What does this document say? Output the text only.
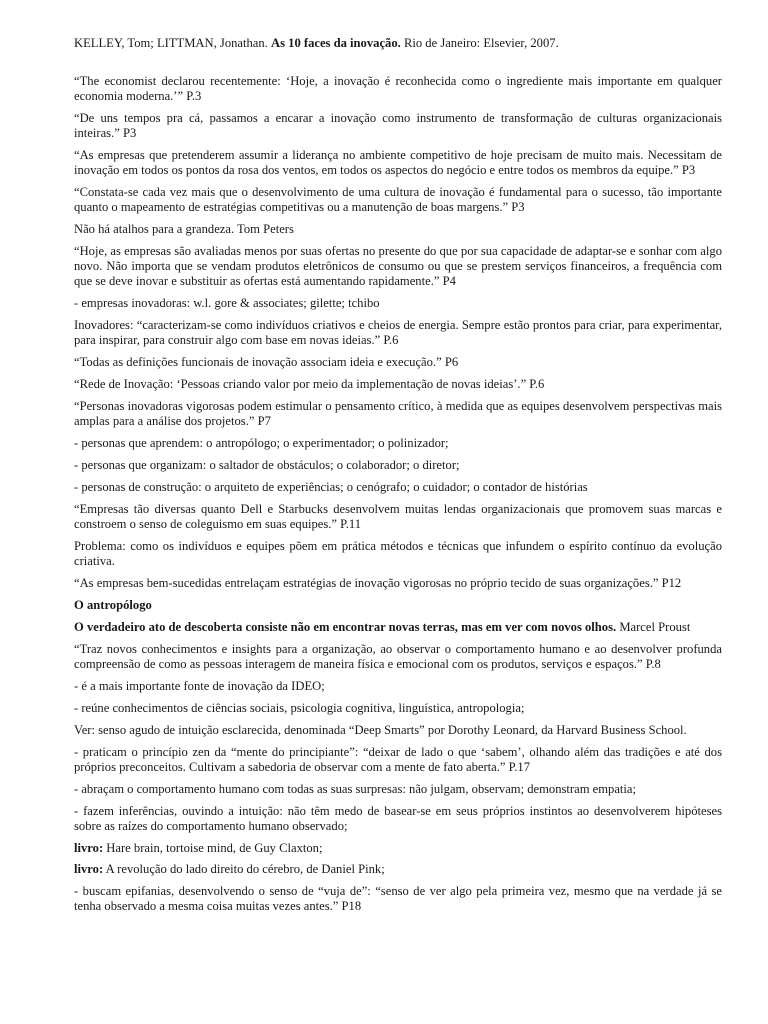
KELLEY, Tom; LITTMAN, Jonathan. As 10 faces da inovação. Rio de Janeiro: Elsevier, 2007.

“The economist declarou recentemente: ‘Hoje, a inovação é reconhecida como o ingrediente mais importante em qualquer economia moderna.’” P.3

“De uns tempos pra cá, passamos a encarar a inovação como instrumento de transformação de culturas organizacionais inteiras.” P3

“As empresas que pretenderem assumir a liderança no ambiente competitivo de hoje precisam de muito mais. Necessitam de inovação em todos os pontos da rosa dos ventos, em todos os aspectos do negócio e entre todos os membros da equipe.” P3

“Constata-se cada vez mais que o desenvolvimento de uma cultura de inovação é fundamental para o sucesso, tão importante quanto o mapeamento de estratégias competitivas ou a manutenção de boas margens.” P3

Não há atalhos para a grandeza. Tom Peters

“Hoje, as empresas são avaliadas menos por suas ofertas no presente do que por sua capacidade de adaptar-se e sonhar com algo novo. Não importa que se vendam produtos eletrônicos de consumo ou que se prestem serviços financeiros, a frequência com que se deve inovar e substituir as ofertas está aumentando rapidamente.” P4

- empresas inovadoras: w.l. gore & associates; gilette; tchibo

Inovadores: “caracterizam-se como indivíduos criativos e cheios de energia. Sempre estão prontos para criar, para experimentar, para inspirar, para construir algo com base em novas ideias.” P.6

“Todas as definições funcionais de inovação associam ideia e execução.” P6

“Rede de Inovação: ‘Pessoas criando valor por meio da implementação de novas ideias’.” P.6

“Personas inovadoras vigorosas podem estimular o pensamento crítico, à medida que as equipes desenvolvem perspectivas mais amplas para a análise dos projetos.” P7

- personas que aprendem: o antropólogo; o experimentador; o polinizador;

- personas que organizam: o saltador de obstáculos; o colaborador; o diretor;

- personas de construção: o arquiteto de experiências; o cenógrafo; o cuidador; o contador de histórias

“Empresas tão diversas quanto Dell e Starbucks desenvolvem muitas lendas organizacionais que promovem suas marcas e constroem o senso de coleguismo em suas equipes.” P.11

Problema: como os indivíduos e equipes põem em prática métodos e técnicas que infundem o espírito contínuo da evolução criativa.

“As empresas bem-sucedidas entrelaçam estratégias de inovação vigorosas no próprio tecido de suas organizações.” P12

O antropólogo

O verdadeiro ato de descoberta consiste não em encontrar novas terras, mas em ver com novos olhos. Marcel Proust

“Traz novos conhecimentos e insights para a organização, ao observar o comportamento humano e ao desenvolver profunda compreensão de como as pessoas interagem de maneira física e emocional com os produtos, serviços e espaços.” P.8

- é a mais importante fonte de inovação da IDEO;

- reúne conhecimentos de ciências sociais, psicologia cognitiva, linguística, antropologia;

Ver: senso agudo de intuição esclarecida, denominada “Deep Smarts” por Dorothy Leonard, da Harvard Business School.

- praticam o princípio zen da “mente do principiante”: “deixar de lado o que ‘sabem’, olhando além das tradições e até dos próprios preconceitos. Cultivam a sabedoria de observar com a mente de fato aberta.” P.17

- abraçam o comportamento humano com todas as suas surpresas: não julgam, observam; demonstram empatia;

- fazem inferências, ouvindo a intuição: não têm medo de basear-se em seus próprios instintos ao desenvolverem hipóteses sobre as raízes do comportamento humano observado;

livro: Hare brain, tortoise mind, de Guy Claxton;

livro: A revolução do lado direito do cérebro, de Daniel Pink;

- buscam epifanias, desenvolvendo o senso de “vuja de”: “senso de ver algo pela primeira vez, mesmo que na verdade já se tenha observado a mesma coisa muitas vezes antes.” P18
